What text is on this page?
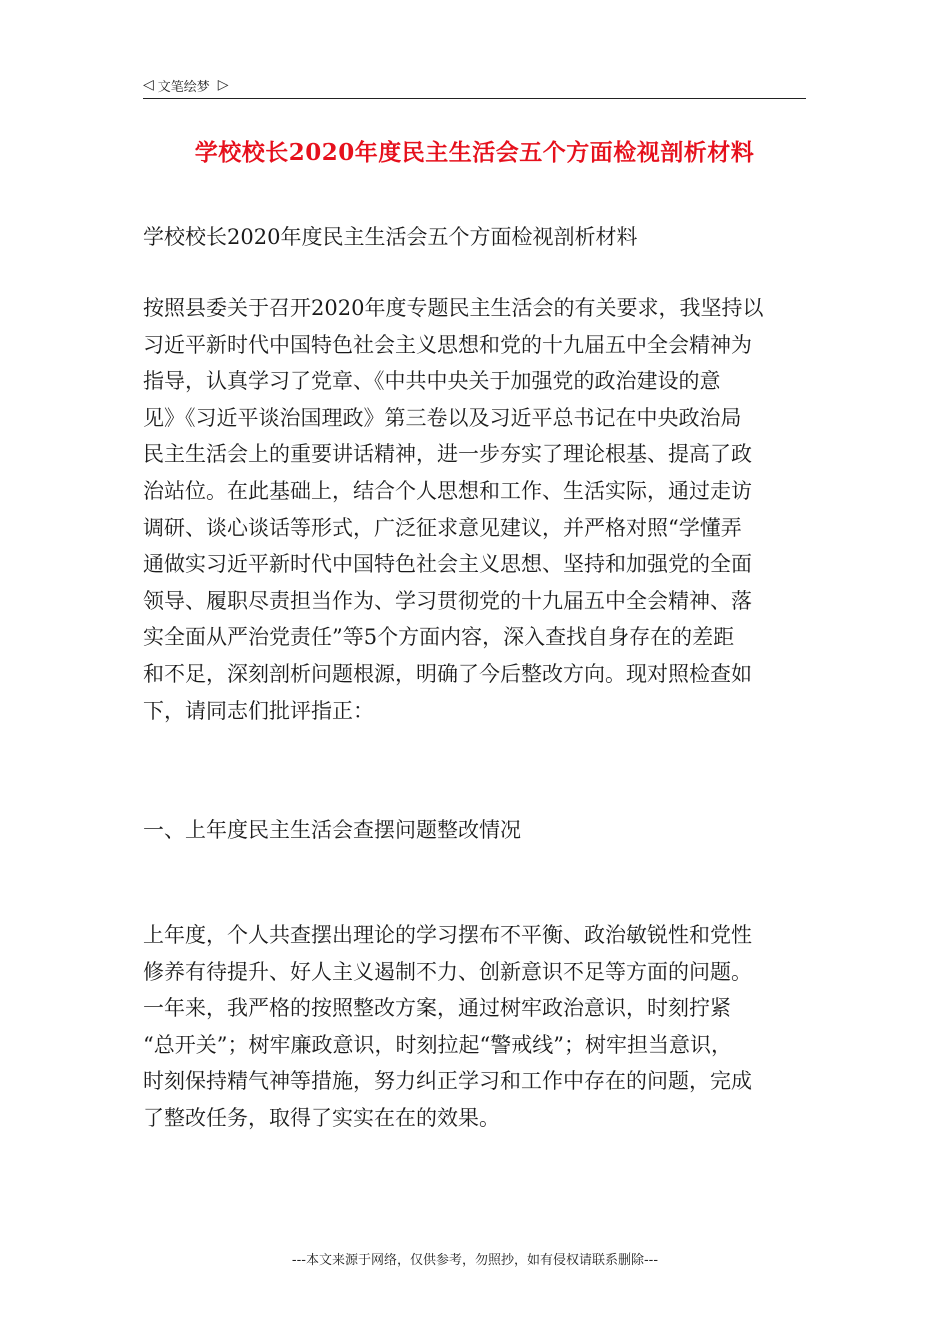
◁ 文笔绘梦 ▷
学校校长2020年度民主生活会五个方面检视剖析材料

学校校长2020年度民主生活会五个方面检视剖析材料

按照县委关于召开2020年度专题民主生活会的有关要求，我坚持以
习近平新时代中国特色社会主义思想和党的十九届五中全会精神为
指导，认真学习了党章、《中共中央关于加强党的政治建设的意
见》《习近平谈治国理政》第三卷以及习近平总书记在中央政治局
民主生活会上的重要讲话精神，进一步夯实了理论根基、提高了政
治站位。在此基础上，结合个人思想和工作、生活实际，通过走访
调研、谈心谈话等形式，广泛征求意见建议，并严格对照“学懂弄
通做实习近平新时代中国特色社会主义思想、坚持和加强党的全面
领导、履职尽责担当作为、学习贯彻党的十九届五中全会精神、落
实全面从严治党责任”等5个方面内容，深入查找自身存在的差距
和不足，深刻剖析问题根源，明确了今后整改方向。现对照检查如
下，请同志们批评指正：

一、上年度民主生活会查摆问题整改情况

上年度，个人共查摆出理论的学习摆布不平衡、政治敏锐性和党性
修养有待提升、好人主义遏制不力、创新意识不足等方面的问题。
一年来，我严格的按照整改方案，通过树牢政治意识，时刻拧紧
“总开关”；树牢廉政意识，时刻拉起“警戒线”；树牢担当意识，
时刻保持精气神等措施，努力纠正学习和工作中存在的问题，完成
了整改任务，取得了实实在在的效果。
---本文来源于网络，仅供参考，勿照抄，如有侵权请联系删除---
